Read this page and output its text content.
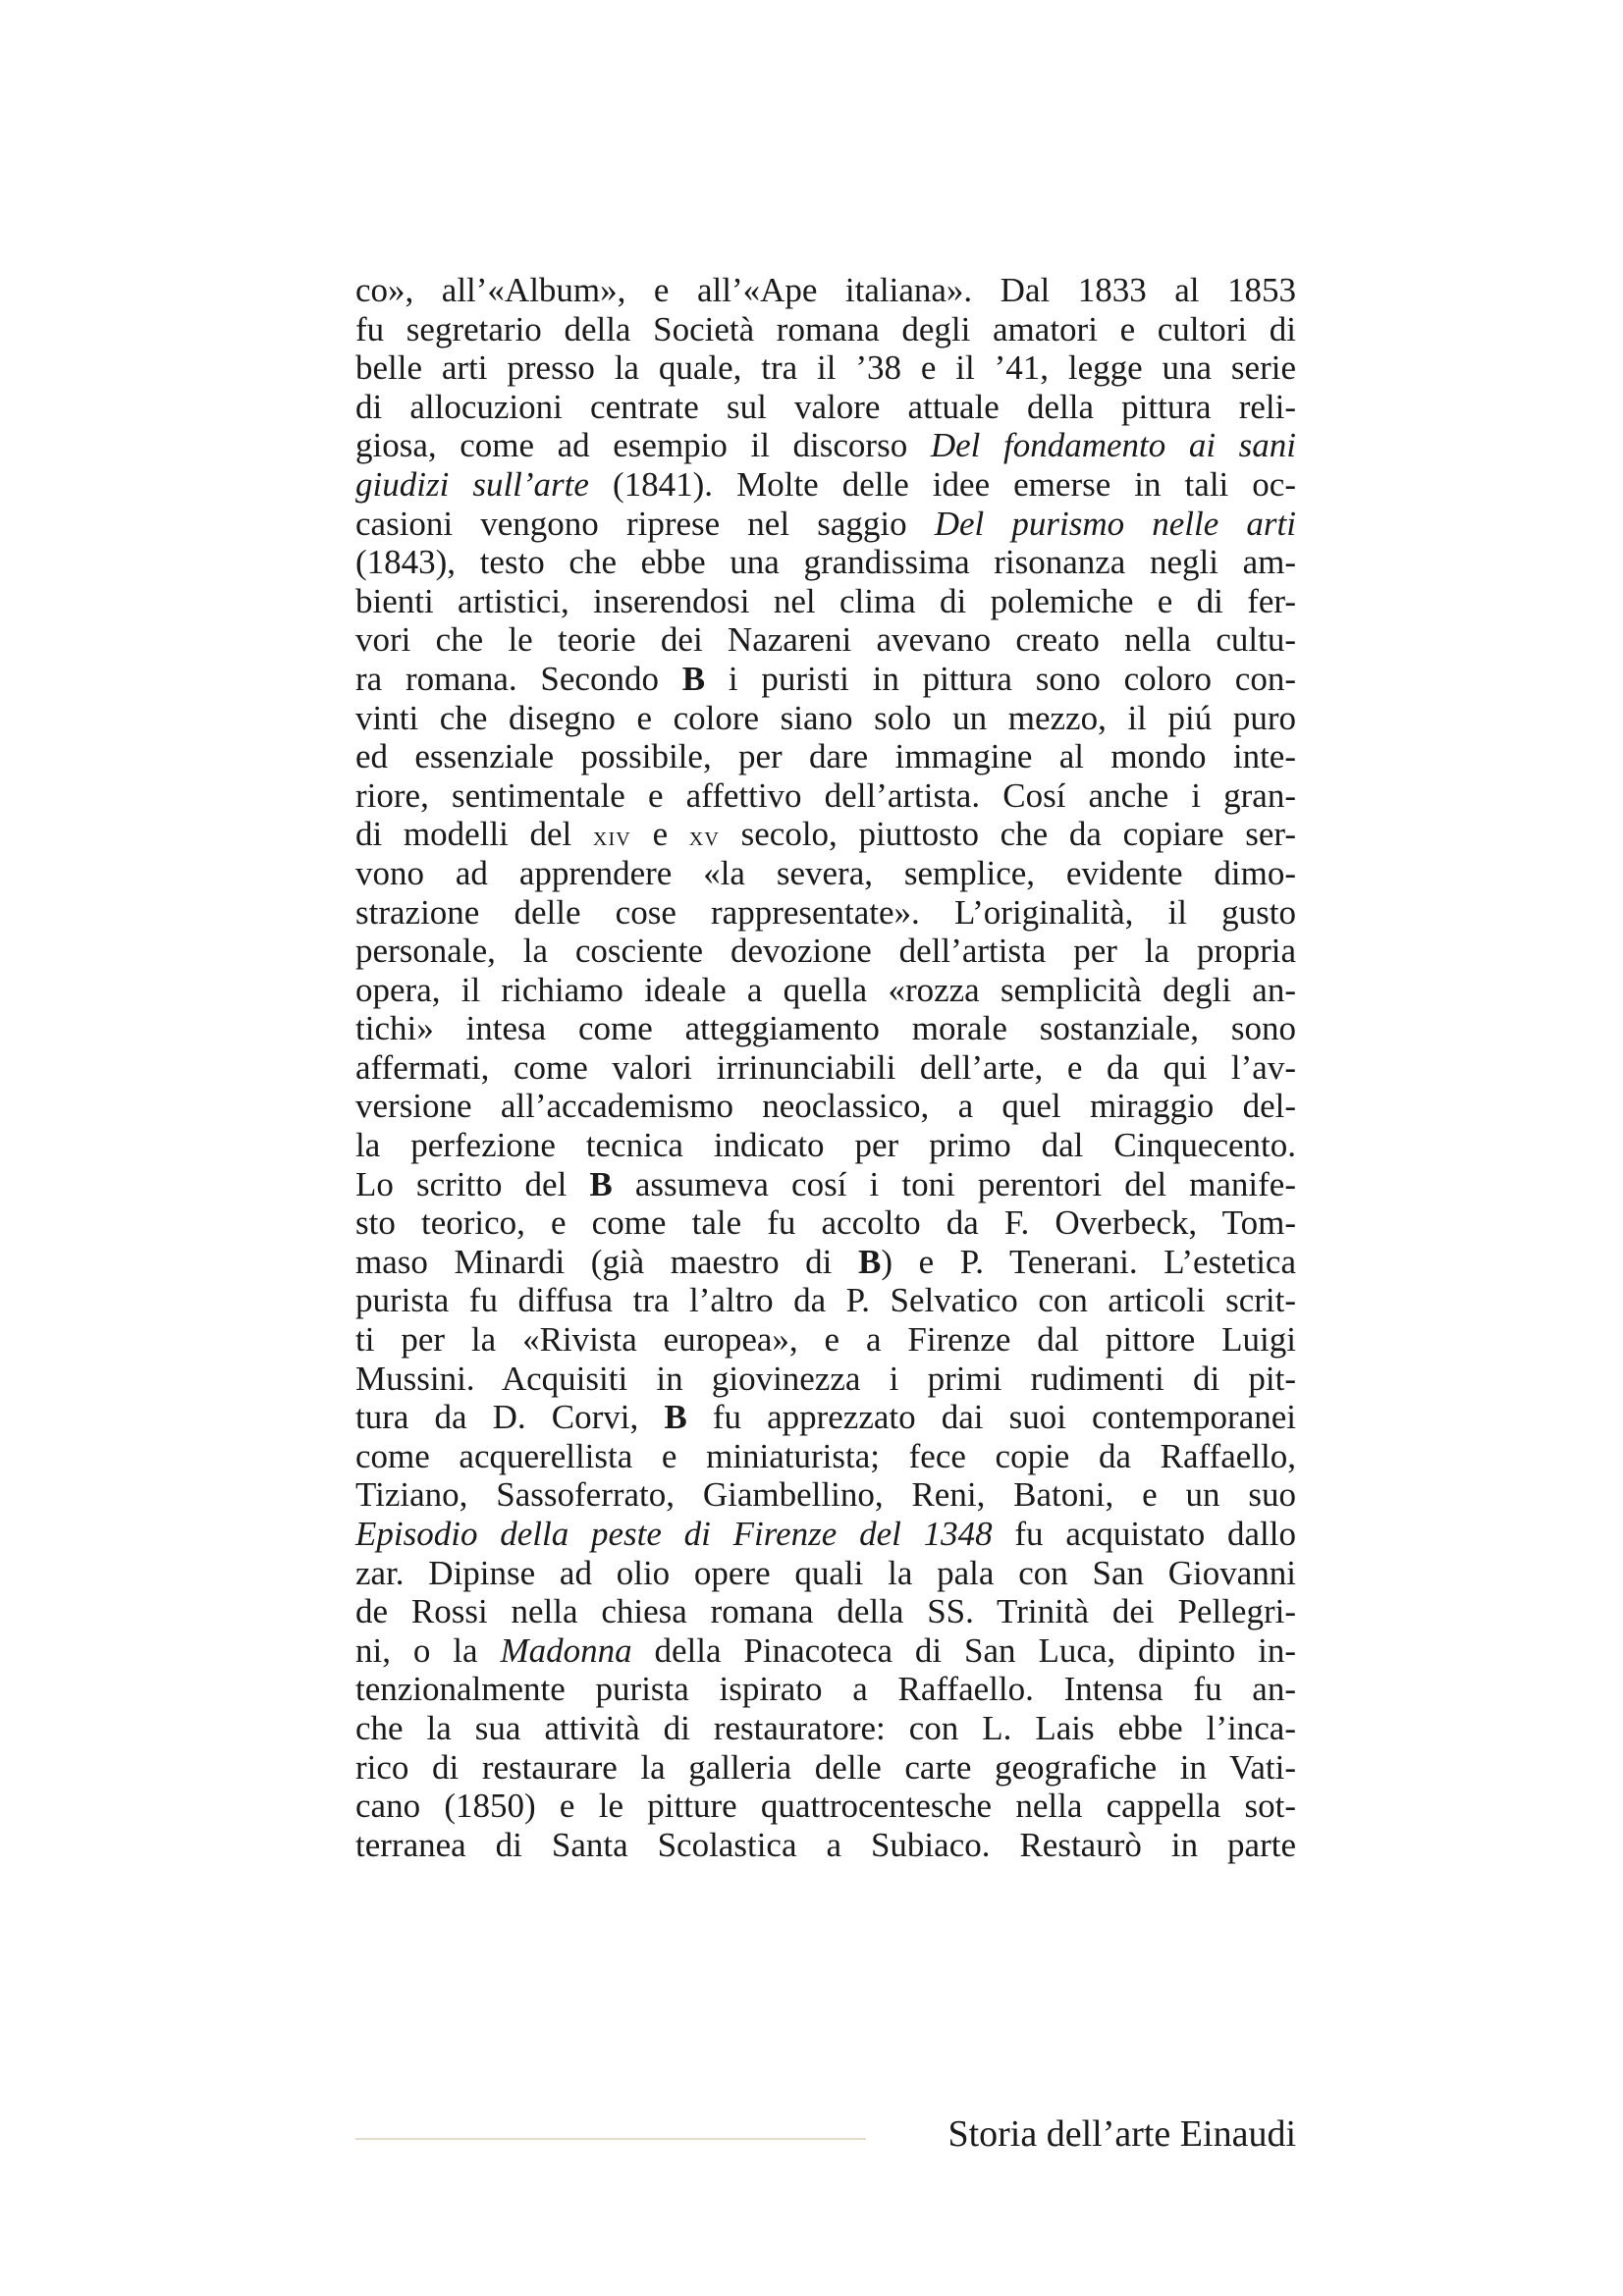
co», all’«Album», e all’«Ape italiana». Dal 1833 al 1853
fu segretario della Società romana degli amatori e cultori di
belle arti presso la quale, tra il ’38 e il ’41, legge una serie
di allocuzioni centrate sul valore attuale della pittura reli-
giosa, come ad esempio il discorso Del fondamento ai sani
giudizi sull’arte (1841). Molte delle idee emerse in tali oc-
casioni vengono riprese nel saggio Del purismo nelle arti
(1843), testo che ebbe una grandissima risonanza negli am-
bienti artistici, inserendosi nel clima di polemiche e di fer-
vori che le teorie dei Nazareni avevano creato nella cultu-
ra romana. Secondo B i puristi in pittura sono coloro con-
vinti che disegno e colore siano solo un mezzo, il piú puro
ed essenziale possibile, per dare immagine al mondo inte-
riore, sentimentale e affettivo dell’artista. Cosí anche i gran-
di modelli del xiv e xv secolo, piuttosto che da copiare ser-
vono ad apprendere «la severa, semplice, evidente dimo-
strazione delle cose rappresentate». L’originalità, il gusto
personale, la cosciente devozione dell’artista per la propria
opera, il richiamo ideale a quella «rozza semplicità degli an-
tichi» intesa come atteggiamento morale sostanziale, sono
affermati, come valori irrinunciabili dell’arte, e da qui l’av-
versione all’accademismo neoclassico, a quel miraggio del-
la perfezione tecnica indicato per primo dal Cinquecento.
Lo scritto del B assumeva cosí i toni perentori del manife-
sto teorico, e come tale fu accolto da F. Overbeck, Tom-
maso Minardi (già maestro di B) e P. Tenerani. L’estetica
purista fu diffusa tra l’altro da P. Selvatico con articoli scrit-
ti per la «Rivista europea», e a Firenze dal pittore Luigi
Mussini. Acquisiti in giovinezza i primi rudimenti di pit-
tura da D. Corvi, B fu apprezzato dai suoi contemporanei
come acquerellista e miniaturista; fece copie da Raffaello,
Tiziano, Sassoferrato, Giambellino, Reni, Batoni, e un suo
Episodio della peste di Firenze del 1348 fu acquistato dallo
zar. Dipinse ad olio opere quali la pala con San Giovanni
de Rossi nella chiesa romana della SS. Trinità dei Pellegri-
ni, o la Madonna della Pinacoteca di San Luca, dipinto in-
tenzionalmente purista ispirato a Raffaello. Intensa fu an-
che la sua attività di restauratore: con L. Lais ebbe l’inca-
rico di restaurare la galleria delle carte geografiche in Vati-
cano (1850) e le pitture quattrocentesche nella cappella sot-
terranea di Santa Scolastica a Subiaco. Restaurò in parte
Storia dell’arte Einaudi
